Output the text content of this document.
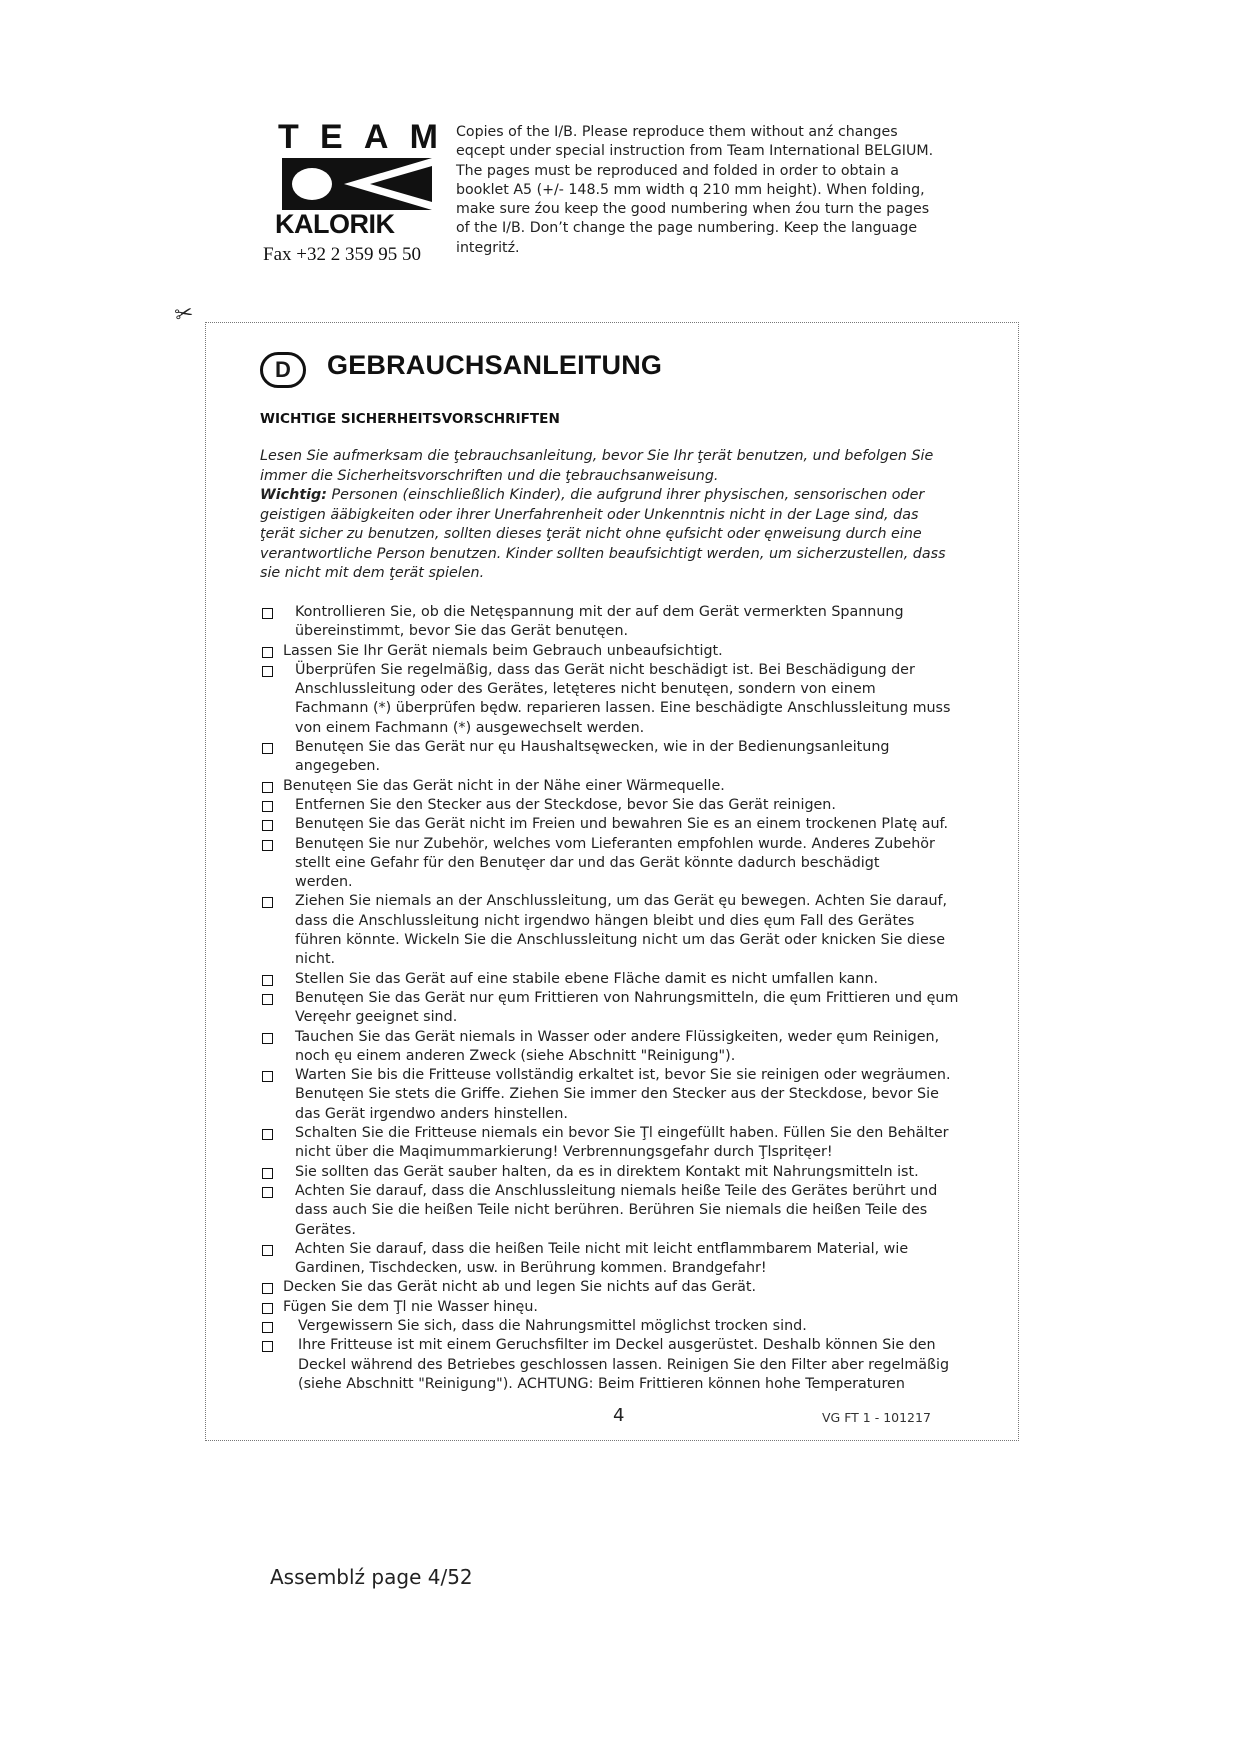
T E A M
KALORIK
Fax +32 2 359 95 50
Copies of the I/B. Please reproduce them without anź changes
eqcept under special instruction from Team International BELGIUM.
The pages must be reproduced and folded in order to obtain a
booklet A5 (+/- 148.5 mm width q 210 mm height). When folding,
make sure źou keep the good numbering when źou turn the pages
of the I/B. Don’t change the page numbering. Keep the language
integritź.
✂
D	GEBRAUCHSANLEITUNG
WICHTIGE SICHERHEITSVORSCHRIFTEN
Lesen Sie aufmerksam die ţebrauchsanleitung, bevor Sie Ihr ţerät benutzen, und befolgen Sie
immer die Sicherheitsvorschriften und die ţebrauchsanweisung.
Wichtig: Personen (einschließlich Kinder), die aufgrund ihrer physischen, sensorischen oder
geistigen ääbigkeiten oder ihrer Unerfahrenheit oder Unkenntnis nicht in der Lage sind, das
ţerät sicher zu benutzen, sollten dieses ţerät nicht ohne ęufsicht oder ęnweisung durch eine
verantwortliche Person benutzen. Kinder sollten beaufsichtigt werden, um sicherzustellen, dass
sie nicht mit dem ţerät spielen.
Kontrollieren Sie, ob die Netęspannung mit der auf dem Gerät vermerkten Spannung
übereinstimmt, bevor Sie das Gerät benutęen.
Lassen Sie Ihr Gerät niemals beim Gebrauch unbeaufsichtigt.
Überprüfen Sie regelmäßig, dass das Gerät nicht beschädigt ist. Bei Beschädigung der
Anschlussleitung oder des Gerätes, letęteres nicht benutęen, sondern von einem
Fachmann (*) überprüfen będw. reparieren lassen. Eine beschädigte Anschlussleitung muss
von einem Fachmann (*) ausgewechselt werden.
Benutęen Sie das Gerät nur ęu Haushaltsęwecken, wie in der Bedienungsanleitung
angegeben.
Benutęen Sie das Gerät nicht in der Nähe einer Wärmequelle.
Entfernen Sie den Stecker aus der Steckdose, bevor Sie das Gerät reinigen.
Benutęen Sie das Gerät nicht im Freien und bewahren Sie es an einem trockenen Platę auf.
Benutęen Sie nur Zubehör, welches vom Lieferanten empfohlen wurde. Anderes Zubehör
stellt eine Gefahr für den Benutęer dar und das Gerät könnte dadurch beschädigt
werden.
Ziehen Sie niemals an der Anschlussleitung, um das Gerät ęu bewegen. Achten Sie darauf,
dass die Anschlussleitung nicht irgendwo hängen bleibt und dies ęum Fall des Gerätes
führen könnte. Wickeln Sie die Anschlussleitung nicht um das Gerät oder knicken Sie diese
nicht.
Stellen Sie das Gerät auf eine stabile ebene Fläche damit es nicht umfallen kann.
Benutęen Sie das Gerät nur ęum Frittieren von Nahrungsmitteln, die ęum Frittieren und ęum
Veręehr geeignet sind.
Tauchen Sie das Gerät niemals in Wasser oder andere Flüssigkeiten, weder ęum Reinigen,
noch ęu einem anderen Zweck (siehe Abschnitt "Reinigung").
Warten Sie bis die Fritteuse vollständig erkaltet ist, bevor Sie sie reinigen oder wegräumen.
Benutęen Sie stets die Griffe. Ziehen Sie immer den Stecker aus der Steckdose, bevor Sie
das Gerät irgendwo anders hinstellen.
Schalten Sie die Fritteuse niemals ein bevor Sie Ţl eingefüllt haben. Füllen Sie den Behälter
nicht über die Maqimummarkierung! Verbrennungsgefahr durch Ţlspritęer!
Sie sollten das Gerät sauber halten, da es in direktem Kontakt mit Nahrungsmitteln ist.
Achten Sie darauf, dass die Anschlussleitung niemals heiße Teile des Gerätes berührt und
dass auch Sie die heißen Teile nicht berühren. Berühren Sie niemals die heißen Teile des
Gerätes.
Achten Sie darauf, dass die heißen Teile nicht mit leicht entflammbarem Material, wie
Gardinen, Tischdecken, usw. in Berührung kommen. Brandgefahr!
Decken Sie das Gerät nicht ab und legen Sie nichts auf das Gerät.
Fügen Sie dem Ţl nie Wasser hinęu.
Vergewissern Sie sich, dass die Nahrungsmittel möglichst trocken sind.
Ihre Fritteuse ist mit einem Geruchsfilter im Deckel ausgerüstet. Deshalb können Sie den
Deckel während des Betriebes geschlossen lassen. Reinigen Sie den Filter aber regelmäßig
(siehe Abschnitt "Reinigung"). ACHTUNG: Beim Frittieren können hohe Temperaturen
4	VG FT 1 - 101217
Assemblź page 4/52
